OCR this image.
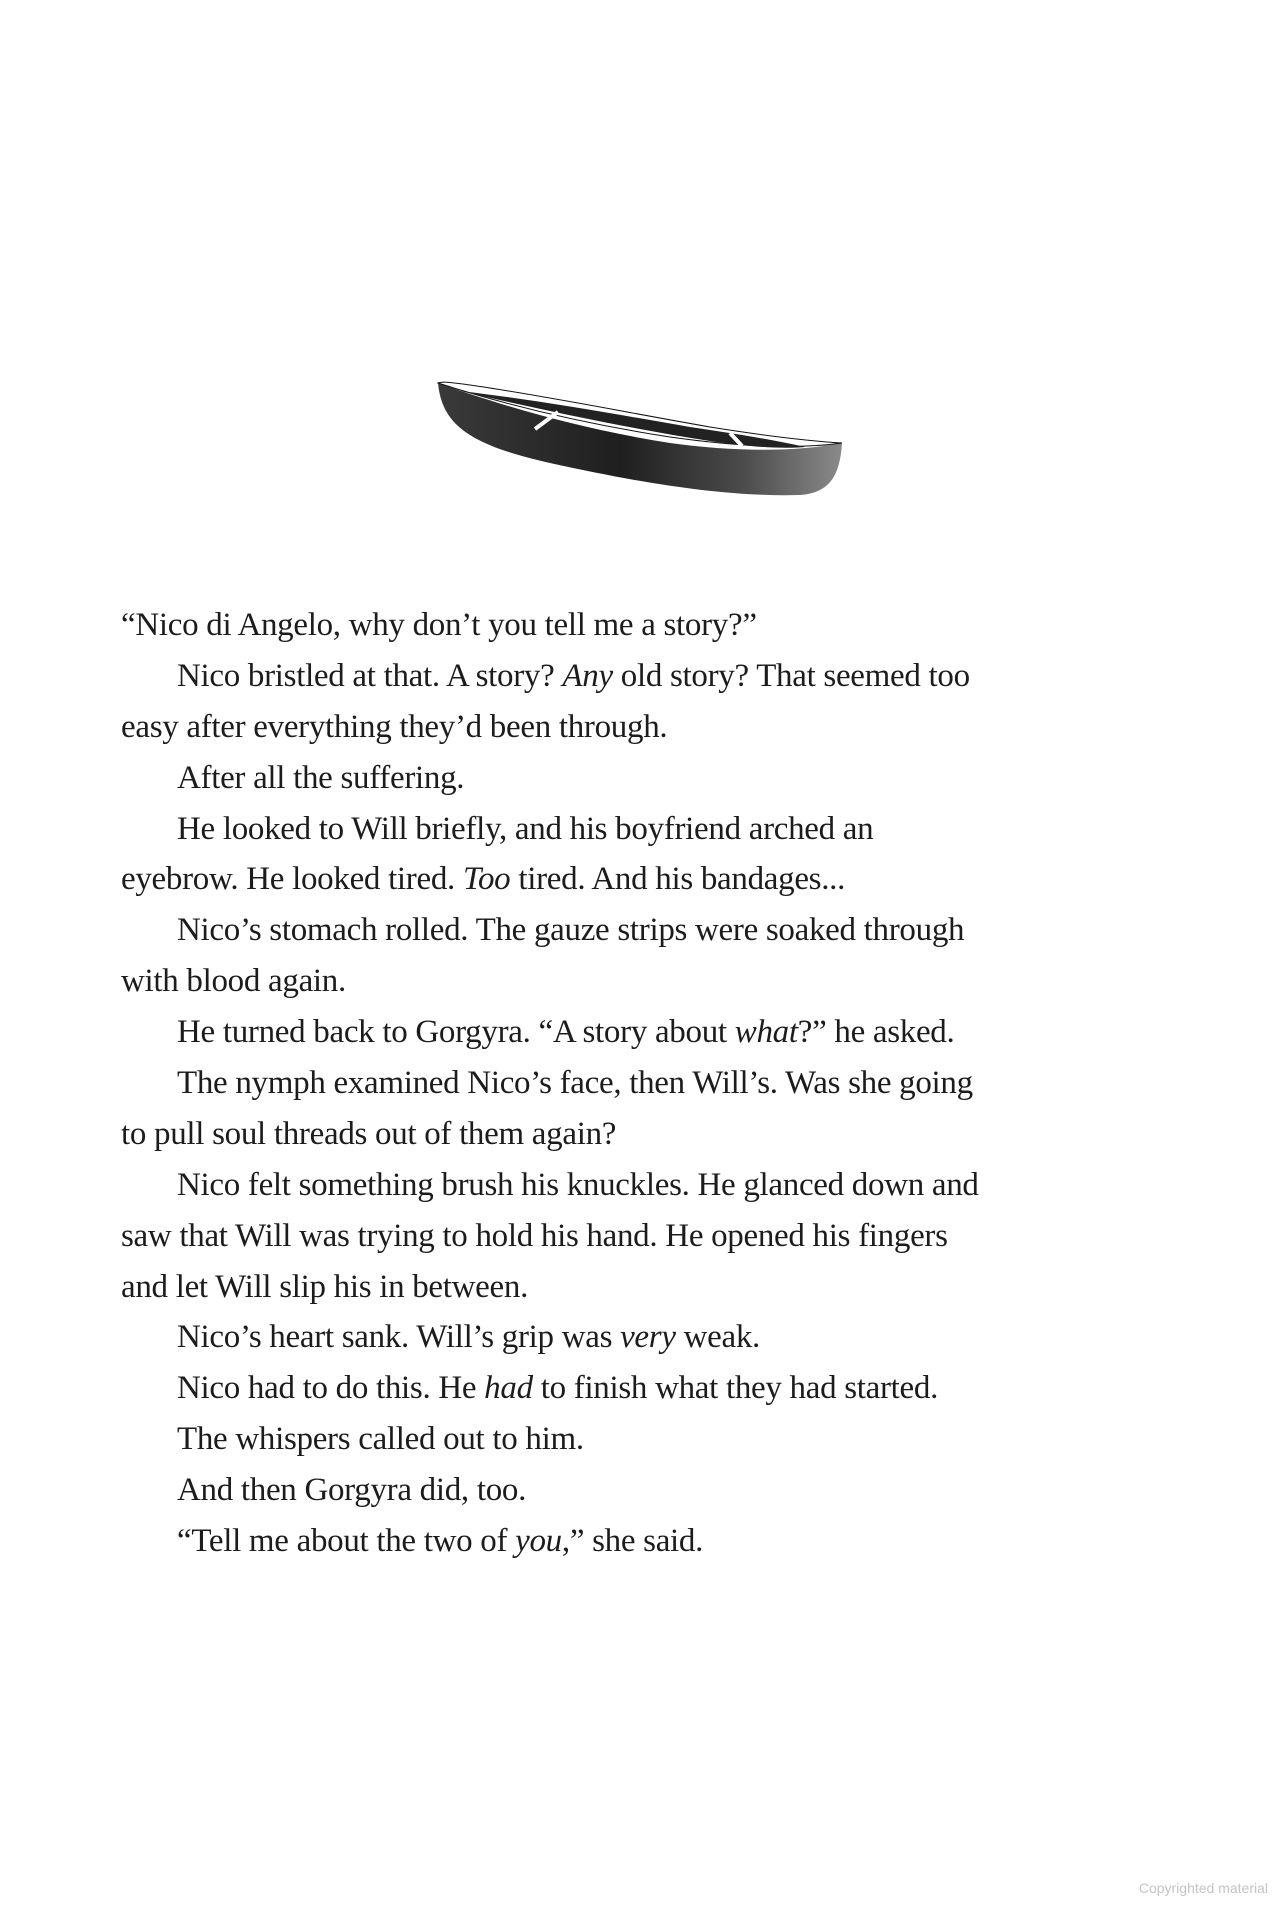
“Nico di Angelo, why don’t you tell me a story?”
Nico bristled at that. A story? Any old story? That seemed too
easy after everything they’d been through.
After all the suffering.
He looked to Will briefly, and his boyfriend arched an
eyebrow. He looked tired. Too tired. And his bandages...
Nico’s stomach rolled. The gauze strips were soaked through
with blood again.
He turned back to Gorgyra. “A story about what?” he asked.
The nymph examined Nico’s face, then Will’s. Was she going
to pull soul threads out of them again?
Nico felt something brush his knuckles. He glanced down and
saw that Will was trying to hold his hand. He opened his fingers
and let Will slip his in between.
Nico’s heart sank. Will’s grip was very weak.
Nico had to do this. He had to finish what they had started.
The whispers called out to him.
And then Gorgyra did, too.
“Tell me about the two of you,” she said.
Copyrighted material
